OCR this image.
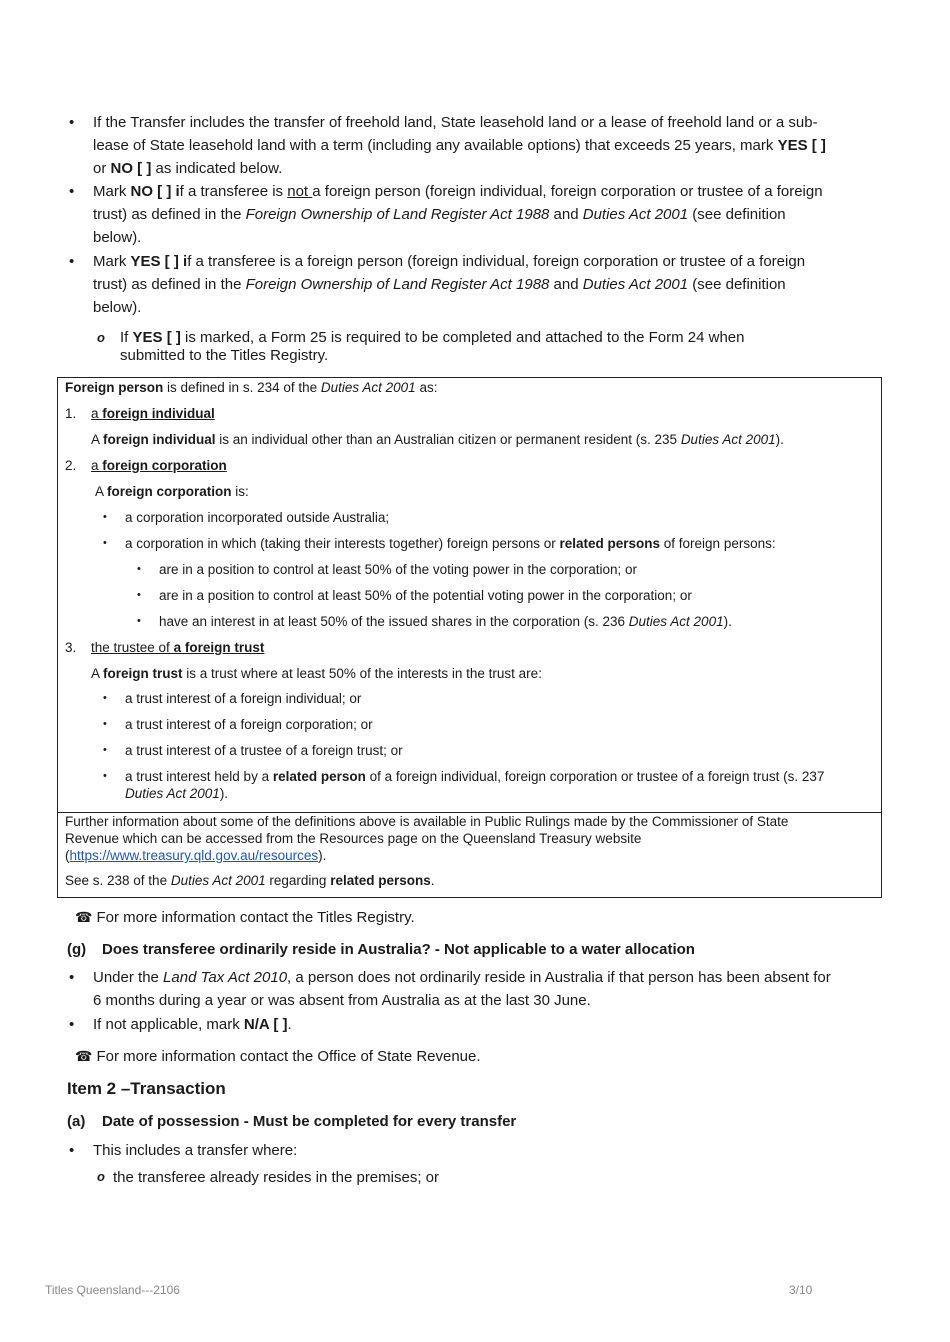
• If the Transfer includes the transfer of freehold land, State leasehold land or a lease of freehold land or a sub-
lease of State leasehold land with a term (including any available options) that exceeds 25 years, mark YES [ ]
or NO [ ] as indicated below.
• Mark NO [ ] if a transferee is not a foreign person (foreign individual, foreign corporation or trustee of a foreign
trust) as defined in the Foreign Ownership of Land Register Act 1988 and Duties Act 2001 (see definition
below).
• Mark YES [ ] if a transferee is a foreign person (foreign individual, foreign corporation or trustee of a foreign
trust) as defined in the Foreign Ownership of Land Register Act 1988 and Duties Act 2001 (see definition
below).
o If YES [ ] is marked, a Form 25 is required to be completed and attached to the Form 24 when
submitted to the Titles Registry.
Foreign person is defined in s. 234 of the Duties Act 2001 as:
1. a foreign individual
A foreign individual is an individual other than an Australian citizen or permanent resident (s. 235 Duties Act 2001).
2. a foreign corporation
A foreign corporation is:
• a corporation incorporated outside Australia;
• a corporation in which (taking their interests together) foreign persons or related persons of foreign persons:
• are in a position to control at least 50% of the voting power in the corporation; or
• are in a position to control at least 50% of the potential voting power in the corporation; or
• have an interest in at least 50% of the issued shares in the corporation (s. 236 Duties Act 2001).
3. the trustee of a foreign trust
A foreign trust is a trust where at least 50% of the interests in the trust are:
• a trust interest of a foreign individual; or
• a trust interest of a foreign corporation; or
• a trust interest of a trustee of a foreign trust; or
• a trust interest held by a related person of a foreign individual, foreign corporation or trustee of a foreign trust (s. 237
Duties Act 2001).
Further information about some of the definitions above is available in Public Rulings made by the Commissioner of State
Revenue which can be accessed from the Resources page on the Queensland Treasury website
(https://www.treasury.qld.gov.au/resources).
See s. 238 of the Duties Act 2001 regarding related persons.
☎ For more information contact the Titles Registry.
(g) Does transferee ordinarily reside in Australia? - Not applicable to a water allocation
• Under the Land Tax Act 2010, a person does not ordinarily reside in Australia if that person has been absent for
6 months during a year or was absent from Australia as at the last 30 June.
• If not applicable, mark N/A [ ].
☎ For more information contact the Office of State Revenue.
Item 2 –Transaction
(a) Date of possession - Must be completed for every transfer
• This includes a transfer where:
o the transferee already resides in the premises; or
Titles Queensland---2106	3/10
